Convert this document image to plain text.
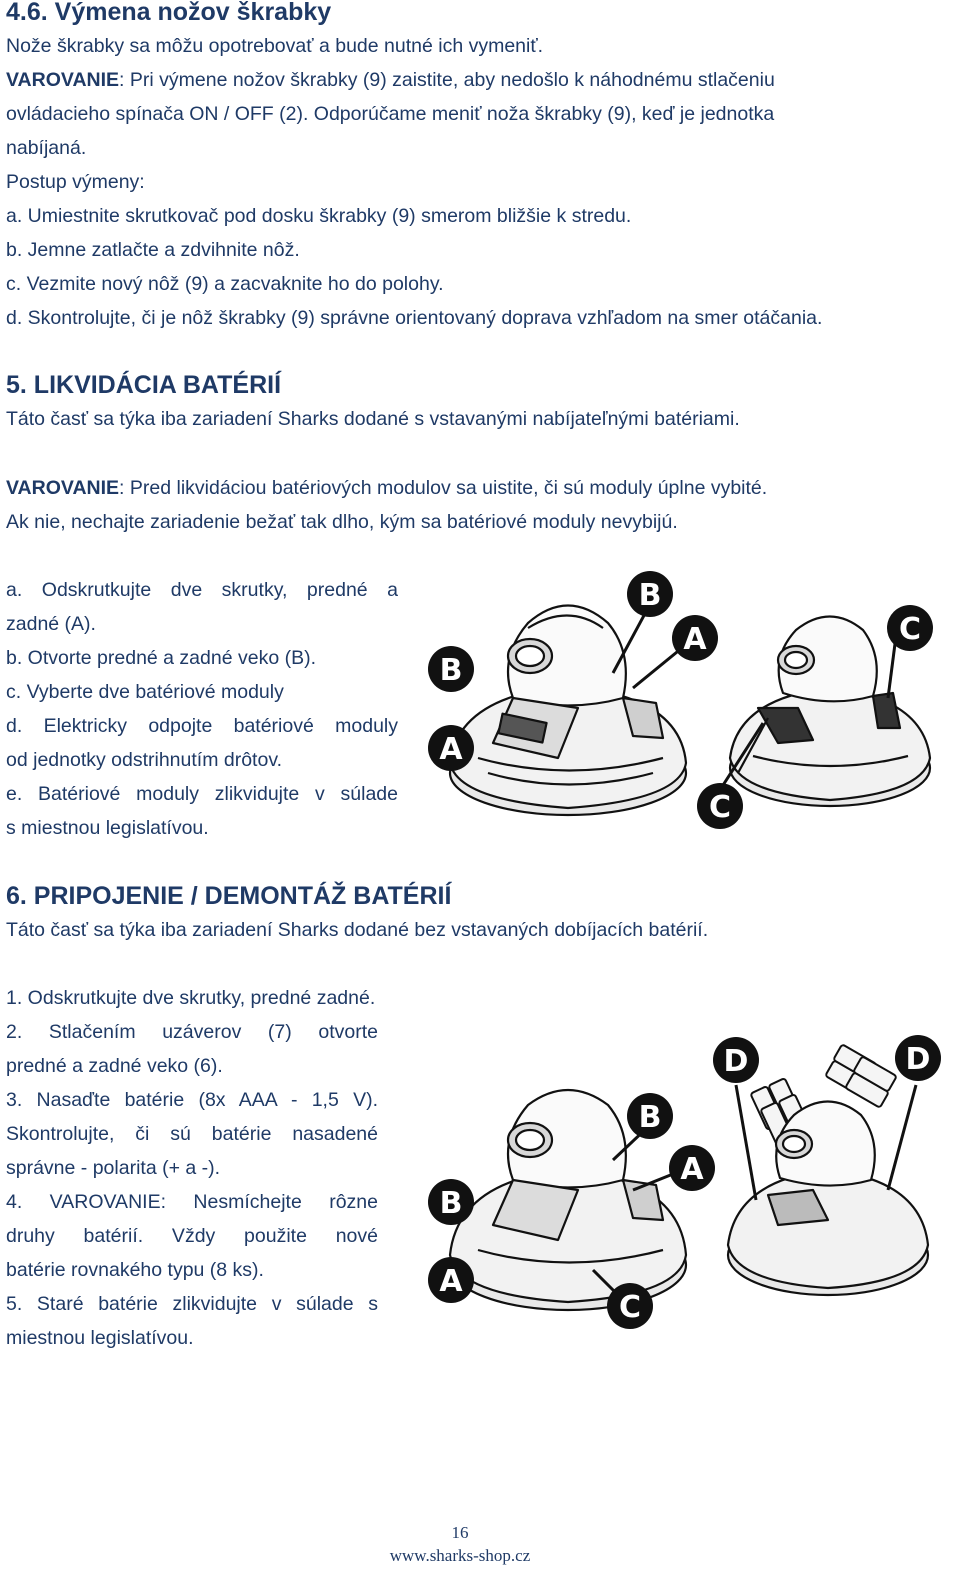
4.6. Výmena nožov škrabky

Nože škrabky sa môžu opotrebovať a bude nutné ich vymeniť.

VAROVANIE: Pri výmene nožov škrabky (9) zaistite, aby nedošlo k náhodnému stlačeniu

ovládacieho spínača ON / OFF (2). Odporúčame meniť noža škrabky (9), keď je jednotka

nabíjaná.

Postup výmeny:

a. Umiestnite skrutkovač pod dosku škrabky (9) smerom bližšie k stredu.

b. Jemne zatlačte a zdvihnite nôž.

c. Vezmite nový nôž (9) a zacvaknite ho do polohy.

d. Skontrolujte, či je nôž škrabky (9) správne orientovaný doprava vzhľadom na smer otáčania.

5. LIKVIDÁCIA BATÉRIÍ

Táto časť sa týka iba zariadení Sharks dodané s vstavanými nabíjateľnými batériami.

VAROVANIE: Pred likvidáciou batériových modulov sa uistite, či sú moduly úplne vybité.

Ak nie, nechajte zariadenie bežať tak dlho, kým sa batériové moduly nevybijú.

a. Odskrutkujte dve skrutky, predné a

zadné (A).

b. Otvorte predné a zadné veko (B).

c. Vyberte dve batériové moduly

d. Elektricky odpojte batériové moduly

od jednotky odstrihnutím drôtov.

e. Batériové moduly zlikvidujte v súlade

s miestnou legislatívou.

B
A	C
B
A
C
6. PRIPOJENIE / DEMONTÁŽ BATÉRIÍ

Táto časť sa týka iba zariadení Sharks dodané bez vstavaných dobíjacích batérií.

1. Odskrutkujte dve skrutky, predné zadné.

2. Stlačením uzáverov (7) otvorte

predné a zadné veko (6).

3. Nasaďte batérie (8x AAA - 1,5 V).

Skontrolujte, či sú batérie nasadené

správne - polarita (+ a -).

4. VAROVANIE: Nesmíchejte rôzne

druhy batérií. Vždy použite nové

batérie rovnakého typu (8 ks).

5. Staré batérie zlikvidujte v súlade s

miestnou legislatívou.

D	D
B
A
B
A
C
16
www.sharks-shop.cz
